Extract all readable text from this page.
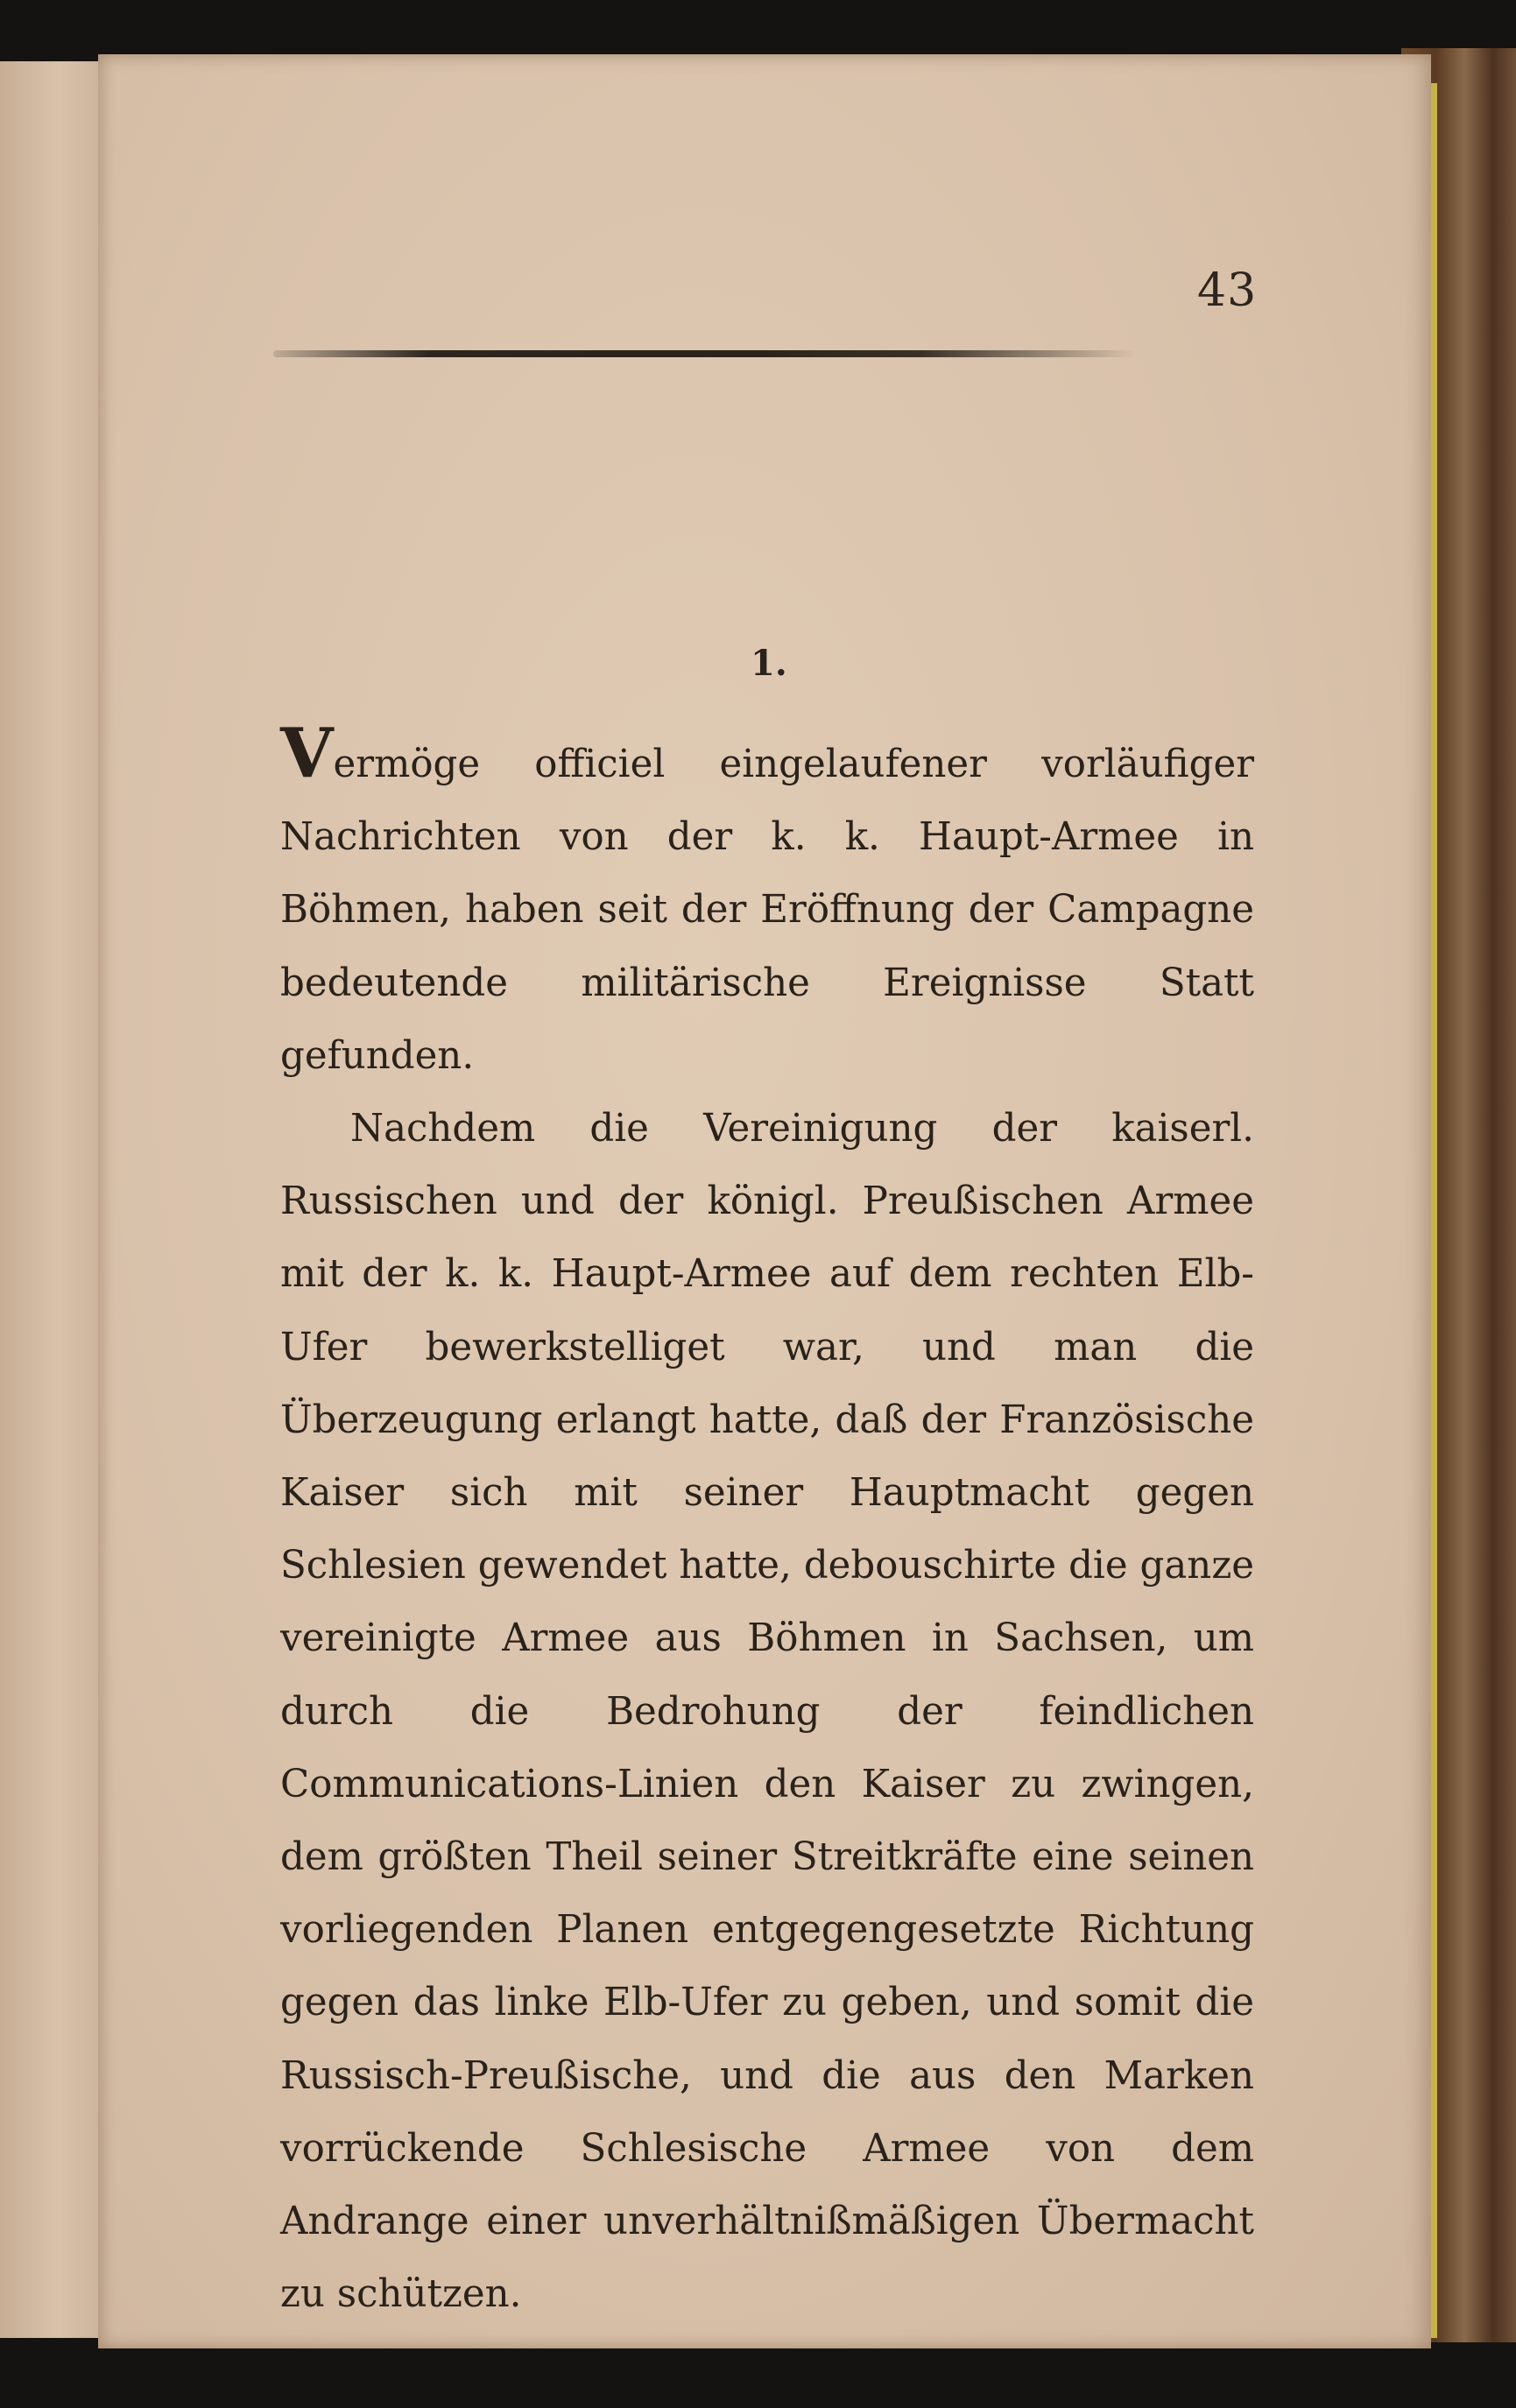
43
1.

Vermöge officiel eingelaufener vorläufiger Nachrichten von der k. k. Haupt-Armee in Böhmen, haben seit der Eröffnung der Campagne bedeutende militärische Ereignisse Statt gefunden.

Nachdem die Vereinigung der kaiserl. Russischen und der königl. Preußischen Armee mit der k. k. Haupt-Armee auf dem rechten Elb-Ufer bewerkstelliget war, und man die Überzeugung erlangt hatte, daß der Französische Kaiser sich mit seiner Hauptmacht gegen Schlesien gewendet hatte, debouschirte die ganze vereinigte Armee aus Böhmen in Sachsen, um durch die Bedrohung der feindlichen Communications-Linien den Kaiser zu zwingen, dem größten Theil seiner Streitkräfte eine seinen vorliegenden Planen entgegengesetzte Richtung gegen das linke Elb-Ufer zu geben, und somit die Russisch-Preußische, und die aus den Marken vorrückende Schlesische Armee von dem Andrange einer unverhältnißmäßigen Übermacht zu schützen.
